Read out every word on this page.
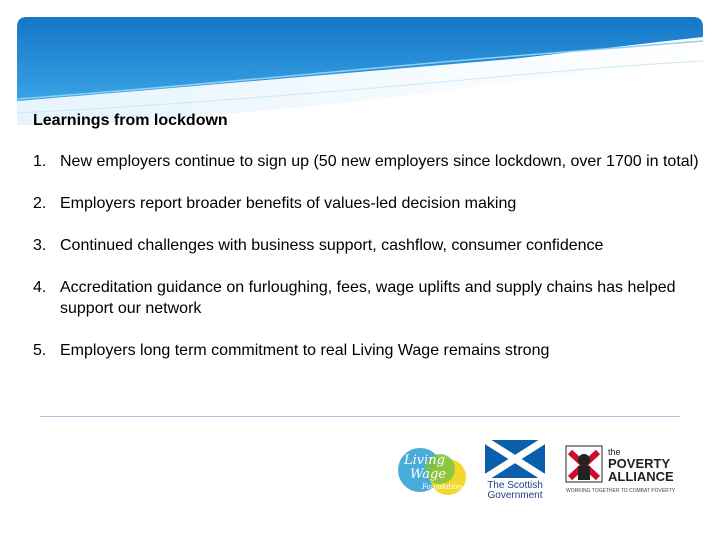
Learnings from lockdown
1. New employers continue to sign up (50 new employers since lockdown, over 1700 in total)
2. Employers report broader benefits of values-led decision making
3. Continued challenges with business support, cashflow, consumer confidence
4. Accreditation guidance on furloughing, fees, wage uplifts and supply chains has helped support our network
5. Employers long term commitment to real Living Wage remains strong
Living
Wage
Foundation	The Scottish
Government
the
POVERTY
ALLIANCE
WORKING TOGETHER TO COMBAT POVERTY
